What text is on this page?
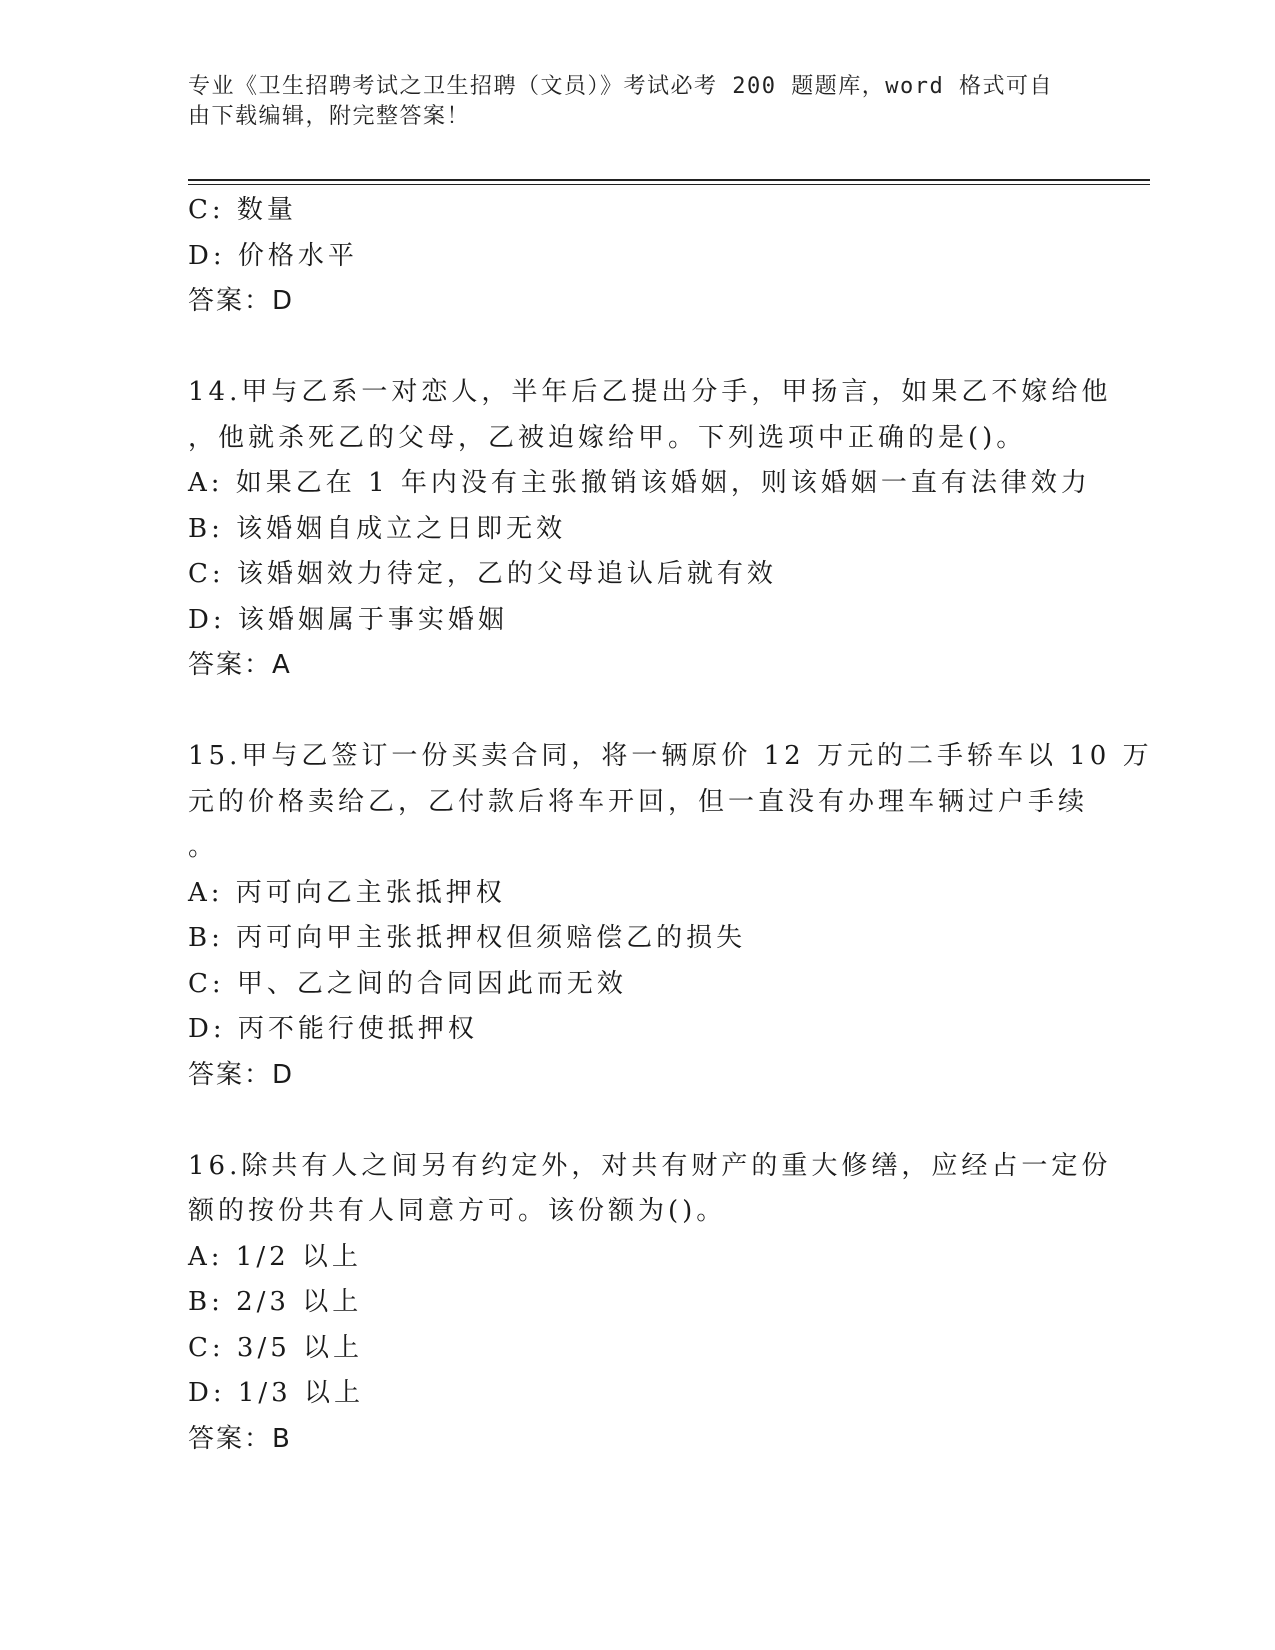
专业《卫生招聘考试之卫生招聘（文员）》考试必考 200 题题库，word 格式可自
由下载编辑，附完整答案！
C: 数量
D: 价格水平
答案：D
14.甲与乙系一对恋人，半年后乙提出分手，甲扬言，如果乙不嫁给他
，他就杀死乙的父母，乙被迫嫁给甲。下列选项中正确的是()。
A: 如果乙在 1 年内没有主张撤销该婚姻，则该婚姻一直有法律效力
B: 该婚姻自成立之日即无效
C: 该婚姻效力待定，乙的父母追认后就有效
D: 该婚姻属于事实婚姻
答案：A
15.甲与乙签订一份买卖合同，将一辆原价 12 万元的二手轿车以 10 万
元的价格卖给乙，乙付款后将车开回，但一直没有办理车辆过户手续
。
A: 丙可向乙主张抵押权
B: 丙可向甲主张抵押权但须赔偿乙的损失
C: 甲、乙之间的合同因此而无效
D: 丙不能行使抵押权
答案：D
16.除共有人之间另有约定外，对共有财产的重大修缮，应经占一定份
额的按份共有人同意方可。该份额为()。
A: 1/2 以上
B: 2/3 以上
C: 3/5 以上
D: 1/3 以上
答案：B
